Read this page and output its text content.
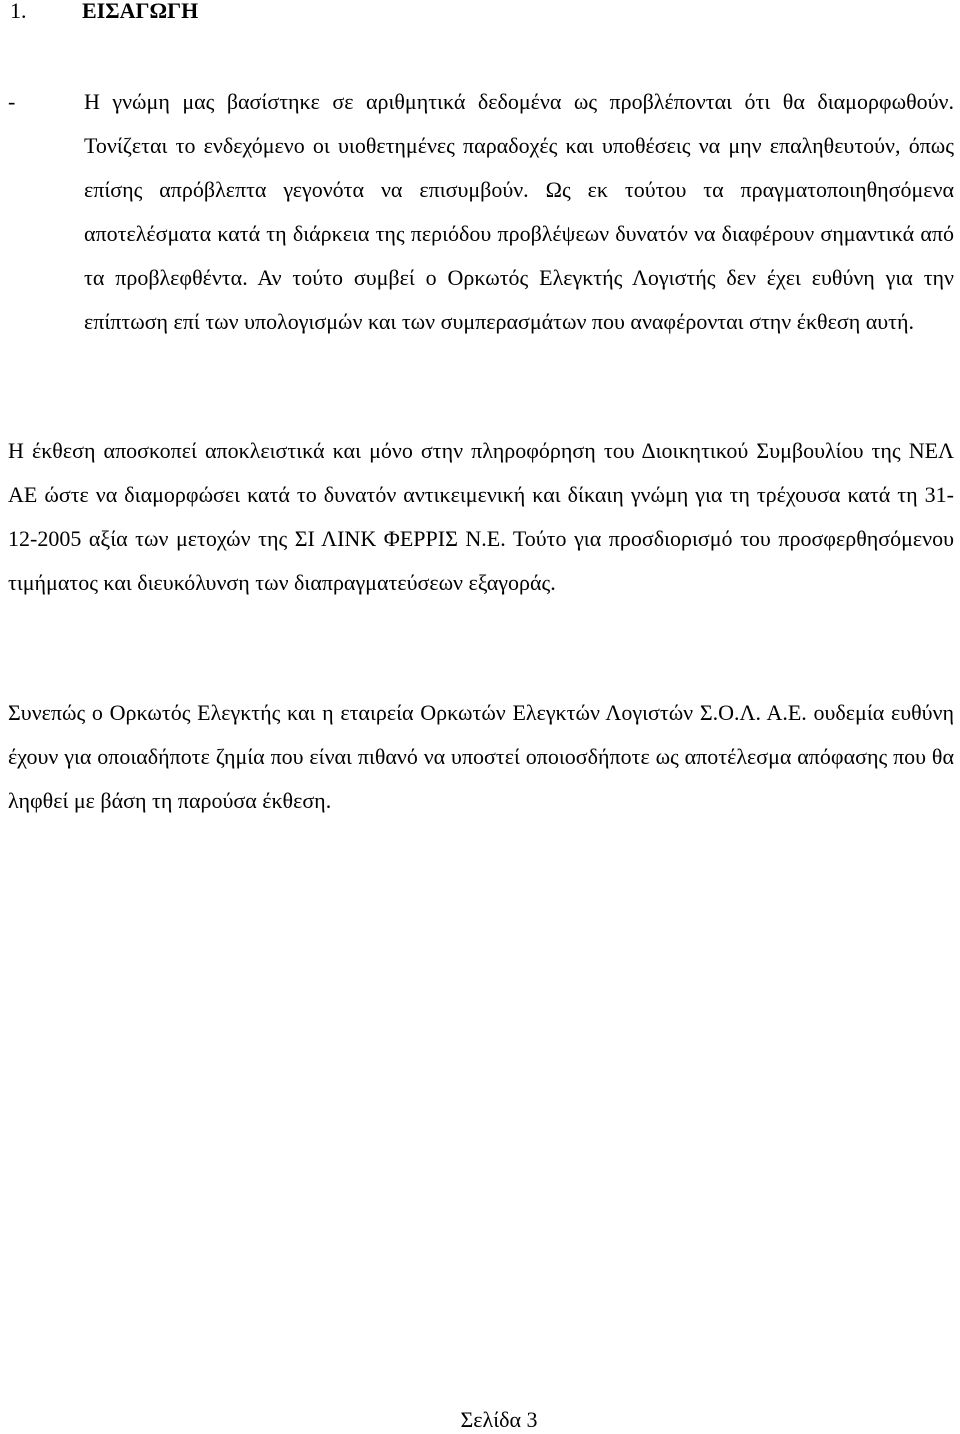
1.	ΕΙΣΑΓΩΓΗ

-	Η γνώμη μας βασίστηκε σε αριθμητικά δεδομένα ως προβλέπονται ότι θα διαμορφωθούν. Τονίζεται το ενδεχόμενο οι υιοθετημένες παραδοχές και υποθέσεις να μην επαληθευτούν, όπως επίσης απρόβλεπτα γεγονότα να επισυμβούν. Ως εκ τούτου τα πραγματοποιηθησόμενα αποτελέσματα κατά τη διάρκεια της περιόδου προβλέψεων δυνατόν να διαφέρουν σημαντικά από τα προβλεφθέντα. Αν τούτο συμβεί ο Ορκωτός Ελεγκτής Λογιστής δεν έχει ευθύνη για την επίπτωση επί των υπολογισμών και των συμπερασμάτων που αναφέρονται στην έκθεση αυτή.

Η έκθεση αποσκοπεί αποκλειστικά και μόνο στην πληροφόρηση του Διοικητικού Συμβουλίου της ΝΕΛ ΑΕ ώστε να διαμορφώσει κατά το δυνατόν αντικειμενική και δίκαιη γνώμη για τη τρέχουσα κατά τη 31-12-2005 αξία των μετοχών της ΣΙ ΛΙΝΚ ΦΕΡΡΙΣ Ν.Ε. Τούτο για προσδιορισμό του προσφερθησόμενου τιμήματος και διευκόλυνση των διαπραγματεύσεων εξαγοράς.

Συνεπώς ο Ορκωτός Ελεγκτής και η εταιρεία Ορκωτών Ελεγκτών Λογιστών Σ.Ο.Λ. Α.Ε. ουδεμία ευθύνη έχουν για οποιαδήποτε ζημία που είναι πιθανό να υποστεί οποιοσδήποτε ως αποτέλεσμα απόφασης που θα ληφθεί με βάση τη παρούσα έκθεση.

Σελίδα 3
